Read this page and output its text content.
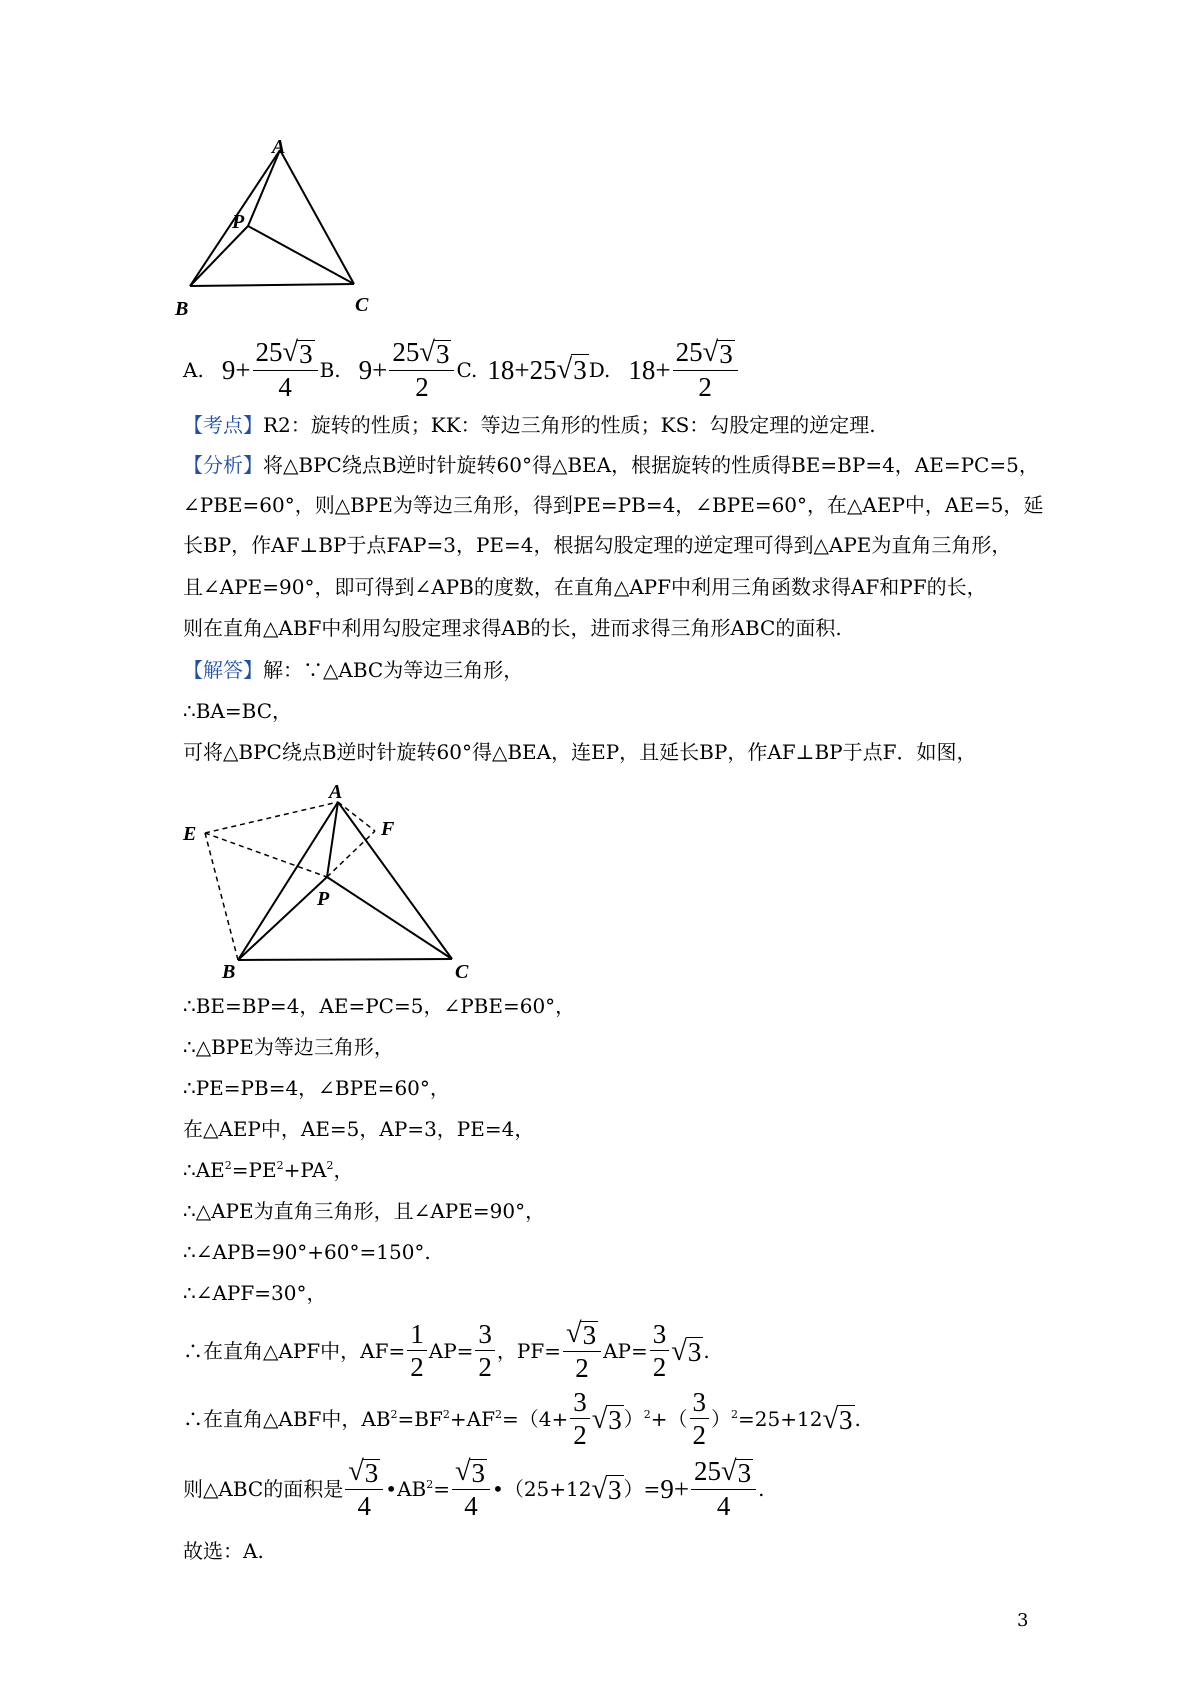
A
P
B	C
A. $9+ \frac{25 √ 3}{4} B$. $9+ \frac{25 √ 3}{2} C$. 18+25 √ 3 D. $18+ \frac{25 √ 3}{2}$
【考点】R2：旋转的性质；KK：等边三角形的性质；KS：勾股定理的逆定理.
【分析】将△BPC绕点B逆时针旋转60°得△BEA，根据旋转的性质得BE=BP=4，AE=PC=5，
∠PBE=60°，则△BPE为等边三角形，得到PE=PB=4，∠BPE=60°，在△AEP中，AE=5，延
长BP，作AF⊥BP于点FAP=3，PE=4，根据勾股定理的逆定理可得到△APE为直角三角形，
且∠APE=90°，即可得到∠APB的度数，在直角△APF中利用三角函数求得AF和PF的长，
则在直角△ABF中利用勾股定理求得AB的长，进而求得三角形ABC的面积.
【解答】解：∵△ABC为等边三角形，
∴BA=BC，
可将△BPC绕点B逆时针旋转60°得△BEA，连EP，且延长BP，作AF⊥BP于点F．如图，
A
E	F
P
B	C
∴BE=BP=4，AE=PC=5，∠PBE=60°，
∴△BPE为等边三角形，
∴PE=PB=4，∠BPE=60°，
在△AEP中，AE=5，AP=3，PE=4，
$\therefore AE^2=PE^2+PA^2$，
∴△APE为直角三角形，且∠APE=90°，
∴∠APB=90°+60°=150°.
∴∠APF=30°，
∴在直角△APF中，$AF= \frac{1}{2} AP= \frac{3}{2}$ ，$PF= \frac{√ 3}{2} AP= \frac{3}{2}$ √ 3 .
∴在直角△ABF中，$AB^2 =BF^2 +AF^2 =(4+ \frac{3}{2}$ √ 3 ）$^2$ +（ $\frac{3}{2} )^2 =25+12$ √ 3 .
则△ABC的面积是 $\frac{√ 3}{4}$ $•AB^2 = \frac{√ 3}{4}$ •（25+12 √ 3 ）= $9+ \frac{25 √ 3}{4}$ .
故选：A.
3
